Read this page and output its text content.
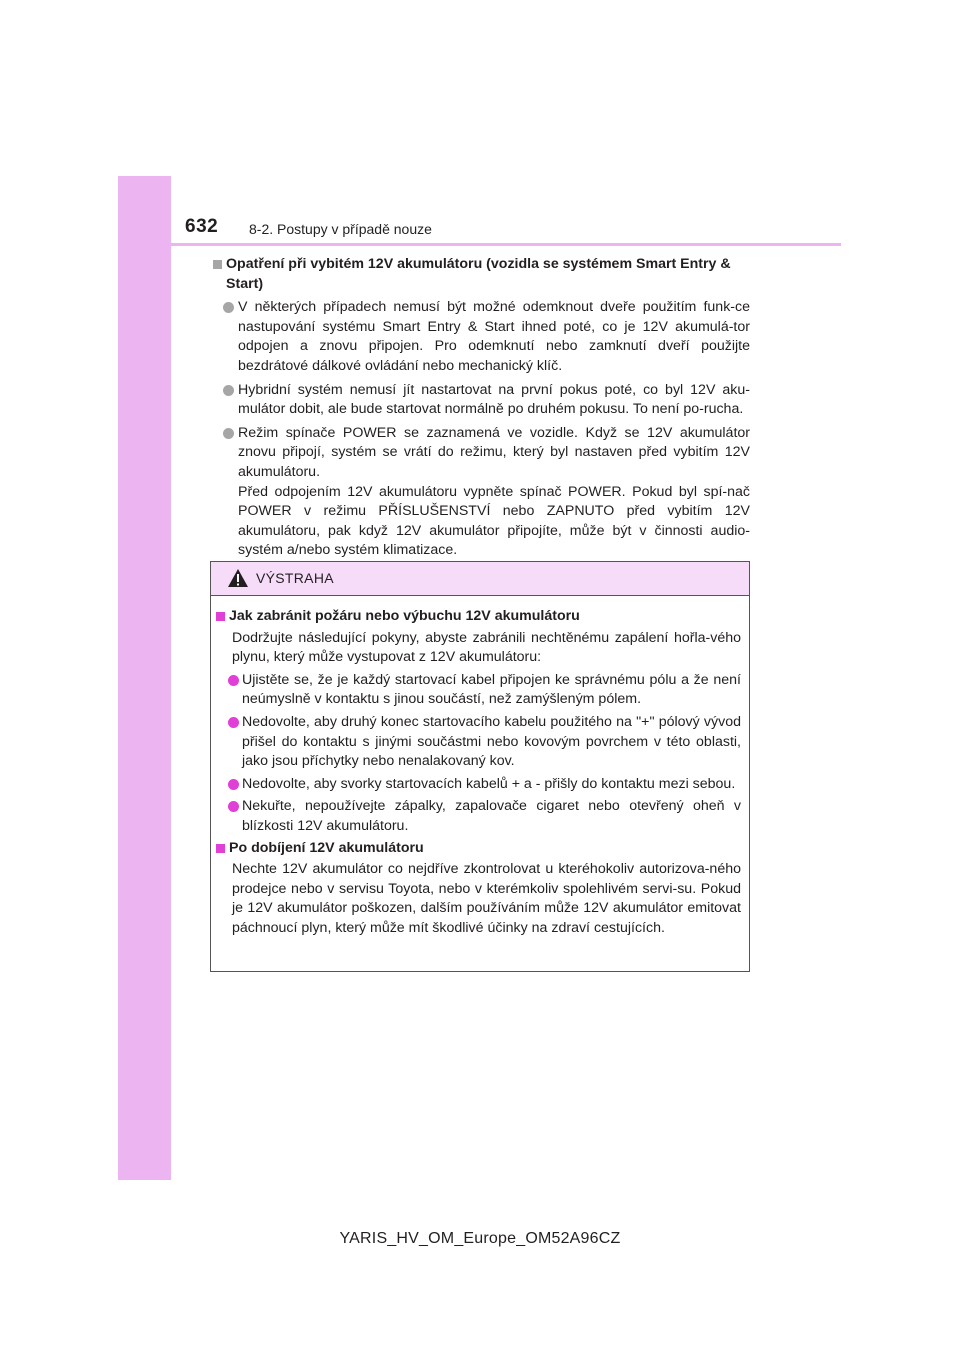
632 8-2. Postupy v případě nouze
Opatření při vybitém 12V akumulátoru (vozidla se systémem Smart Entry & Start)
V některých případech nemusí být možné odemknout dveře použitím funk-ce nastupování systému Smart Entry & Start ihned poté, co je 12V akumulá-tor odpojen a znovu připojen. Pro odemknutí nebo zamknutí dveří použijte bezdrátové dálkové ovládání nebo mechanický klíč.
Hybridní systém nemusí jít nastartovat na první pokus poté, co byl 12V aku-mulátor dobit, ale bude startovat normálně po druhém pokusu. To není po-rucha.
Režim spínače POWER se zaznamená ve vozidle. Když se 12V akumulátor znovu připojí, systém se vrátí do režimu, který byl nastaven před vybitím 12V akumulátoru.
Před odpojením 12V akumulátoru vypněte spínač POWER. Pokud byl spí-nač POWER v režimu PŘÍSLUŠENSTVÍ nebo ZAPNUTO před vybitím 12V akumulátoru, pak když 12V akumulátor připojíte, může být v činnosti audio-systém a/nebo systém klimatizace.
VÝSTRAHA
Jak zabránit požáru nebo výbuchu 12V akumulátoru
Dodržujte následující pokyny, abyste zabránili nechtěnému zapálení hořla-vého plynu, který může vystupovat z 12V akumulátoru:
Ujistěte se, že je každý startovací kabel připojen ke správnému pólu a že není neúmyslně v kontaktu s jinou součástí, než zamýšleným pólem.
Nedovolte, aby druhý konec startovacího kabelu použitého na "+" pólový vývod přišel do kontaktu s jinými součástmi nebo kovovým povrchem v této oblasti, jako jsou příchytky nebo nenalakovaný kov.
Nedovolte, aby svorky startovacích kabelů + a - přišly do kontaktu mezi sebou.
Nekuřte, nepoužívejte zápalky, zapalovače cigaret nebo otevřený oheň v blízkosti 12V akumulátoru.
Po dobíjení 12V akumulátoru
Nechte 12V akumulátor co nejdříve zkontrolovat u kteréhokoliv autorizova-ného prodejce nebo v servisu Toyota, nebo v kterémkoliv spolehlivém servi-su. Pokud je 12V akumulátor poškozen, dalším používáním může 12V akumulátor emitovat páchnoucí plyn, který může mít škodlivé účinky na zdraví cestujících.
YARIS_HV_OM_Europe_OM52A96CZ
